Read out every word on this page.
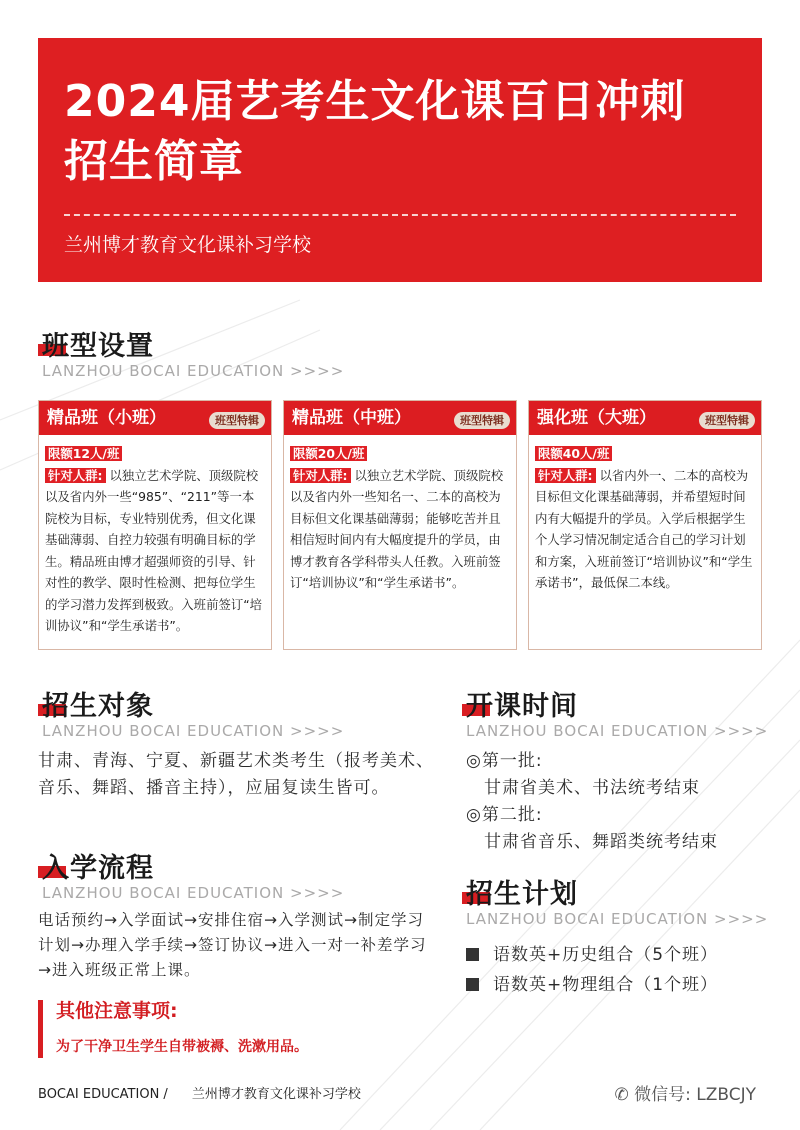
2024届艺考生文化课百日冲刺
招生简章
兰州博才教育文化课补习学校
班型设置
LANZHOU BOCAI EDUCATION >>>>
精品班（小班）	班型特辑
限额12人/班
针对人群: 以独立艺术学院、顶级院校以及省内外一些“985”、“211”等一本院校为目标，专业特别优秀，但文化课基础薄弱、自控力较强有明确目标的学生。精品班由博才超强师资的引导、针对性的教学、限时性检测、把每位学生的学习潜力发挥到极致。入班前签订“培训协议”和“学生承诺书”。
精品班（中班）	班型特辑
限额20人/班
针对人群: 以独立艺术学院、顶级院校以及省内外一些知名一、二本的高校为目标但文化课基础薄弱；能够吃苦并且相信短时间内有大幅度提升的学员，由博才教育各学科带头人任教。入班前签订“培训协议”和“学生承诺书”。
强化班（大班）	班型特辑
限额40人/班
针对人群: 以省内外一、二本的高校为目标但文化课基础薄弱，并希望短时间内有大幅提升的学员。入学后根据学生个人学习情况制定适合自己的学习计划和方案，入班前签订“培训协议”和“学生承诺书”，最低保二本线。
招生对象
LANZHOU BOCAI EDUCATION >>>>
甘肃、青海、宁夏、新疆艺术类考生（报考美术、音乐、舞蹈、播音主持），应届复读生皆可。
入学流程
LANZHOU BOCAI EDUCATION >>>>
电话预约→入学面试→安排住宿→入学测试→制定学习计划→办理入学手续→签订协议→进入一对一补差学习→进入班级正常上课。
开课时间
LANZHOU BOCAI EDUCATION >>>>
◎第一批:
甘肃省美术、书法统考结束
◎第二批:
甘肃省音乐、舞蹈类统考结束
招生计划
LANZHOU BOCAI EDUCATION >>>>
语数英+历史组合（5个班）
语数英+物理组合（1个班）
其他注意事项:
为了干净卫生学生自带被褥、洗漱用品。
BOCAI EDUCATION / 兰州博才教育文化课补习学校	✆ 微信号: LZBCJY
